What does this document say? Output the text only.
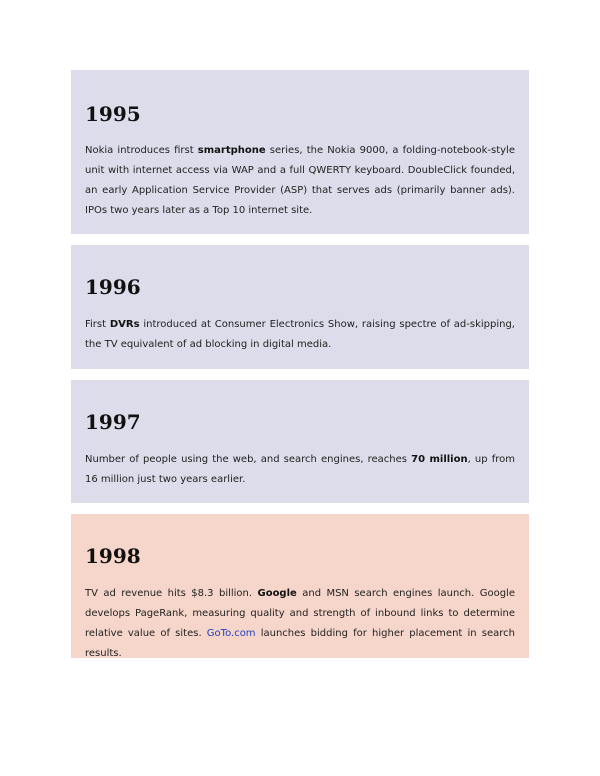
1995

Nokia introduces first smartphone series, the Nokia 9000, a folding-notebook-style unit with internet access via WAP and a full QWERTY keyboard. DoubleClick founded, an early Application Service Provider (ASP) that serves ads (primarily banner ads). IPOs two years later as a Top 10 internet site.

1996

First DVRs introduced at Consumer Electronics Show, raising spectre of ad-skipping, the TV equivalent of ad blocking in digital media.

1997

Number of people using the web, and search engines, reaches 70 million, up from 16 million just two years earlier.

1998

TV ad revenue hits $8.3 billion. Google and MSN search engines launch. Google develops PageRank, measuring quality and strength of inbound links to determine relative value of sites. GoTo.com launches bidding for higher placement in search results.
